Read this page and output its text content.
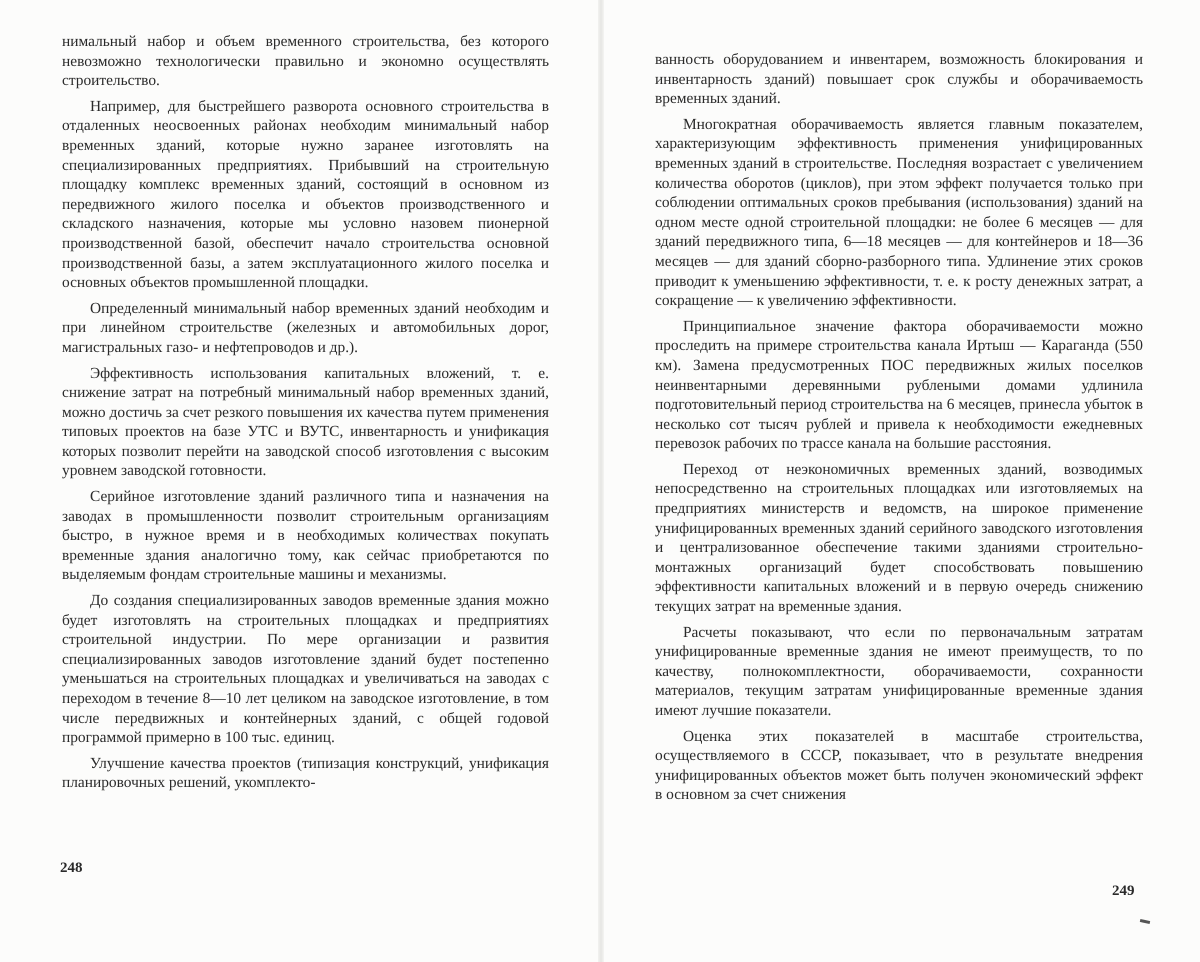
нимальный набор и объем временного строительства, без которого невозможно технологически правильно и экономно осуществлять строительство.

Например, для быстрейшего разворота основного строительства в отдаленных неосвоенных районах необходим минимальный набор временных зданий, которые нужно заранее изготовлять на специализированных предприятиях. Прибывший на строительную площадку комплекс временных зданий, состоящий в основном из передвижного жилого поселка и объектов производственного и складского назначения, которые мы условно назовем пионерной производственной базой, обеспечит начало строительства основной производственной базы, а затем эксплуатационного жилого поселка и основных объектов промышленной площадки.

Определенный минимальный набор временных зданий необходим и при линейном строительстве (железных и автомобильных дорог, магистральных газо- и нефтепроводов и др.).

Эффективность использования капитальных вложений, т. е. снижение затрат на потребный минимальный набор временных зданий, можно достичь за счет резкого повышения их качества путем применения типовых проектов на базе УТС и ВУТС, инвентарность и унификация которых позволит перейти на заводской способ изготовления с высоким уровнем заводской готовности.

Серийное изготовление зданий различного типа и назначения на заводах в промышленности позволит строительным организациям быстро, в нужное время и в необходимых количествах покупать временные здания аналогично тому, как сейчас приобретаются по выделяемым фондам строительные машины и механизмы.

До создания специализированных заводов временные здания можно будет изготовлять на строительных площадках и предприятиях строительной индустрии. По мере организации и развития специализированных заводов изготовление зданий будет постепенно уменьшаться на строительных площадках и увеличиваться на заводах с переходом в течение 8—10 лет целиком на заводское изготовление, в том числе передвижных и контейнерных зданий, с общей годовой программой примерно в 100 тыс. единиц.

Улучшение качества проектов (типизация конструкций, унификация планировочных решений, укомплекто-

248

ванность оборудованием и инвентарем, возможность блокирования и инвентарность зданий) повышает срок службы и оборачиваемость временных зданий.

Многократная оборачиваемость является главным показателем, характеризующим эффективность применения унифицированных временных зданий в строительстве. Последняя возрастает с увеличением количества оборотов (циклов), при этом эффект получается только при соблюдении оптимальных сроков пребывания (использования) зданий на одном месте одной строительной площадки: не более 6 месяцев — для зданий передвижного типа, 6—18 месяцев — для контейнеров и 18—36 месяцев — для зданий сборно-разборного типа. Удлинение этих сроков приводит к уменьшению эффективности, т. е. к росту денежных затрат, а сокращение — к увеличению эффективности.

Принципиальное значение фактора оборачиваемости можно проследить на примере строительства канала Иртыш — Караганда (550 км). Замена предусмотренных ПОС передвижных жилых поселков неинвентарными деревянными рублеными домами удлинила подготовительный период строительства на 6 месяцев, принесла убыток в несколько сот тысяч рублей и привела к необходимости ежедневных перевозок рабочих по трассе канала на большие расстояния.

Переход от неэкономичных временных зданий, возводимых непосредственно на строительных площадках или изготовляемых на предприятиях министерств и ведомств, на широкое применение унифицированных временных зданий серийного заводского изготовления и централизованное обеспечение такими зданиями строительно-монтажных организаций будет способствовать повышению эффективности капитальных вложений и в первую очередь снижению текущих затрат на временные здания.

Расчеты показывают, что если по первоначальным затратам унифицированные временные здания не имеют преимуществ, то по качеству, полнокомплектности, оборачиваемости, сохранности материалов, текущим затратам унифицированные временные здания имеют лучшие показатели.

Оценка этих показателей в масштабе строительства, осуществляемого в СССР, показывает, что в результате внедрения унифицированных объектов может быть получен экономический эффект в основном за счет снижения

249
